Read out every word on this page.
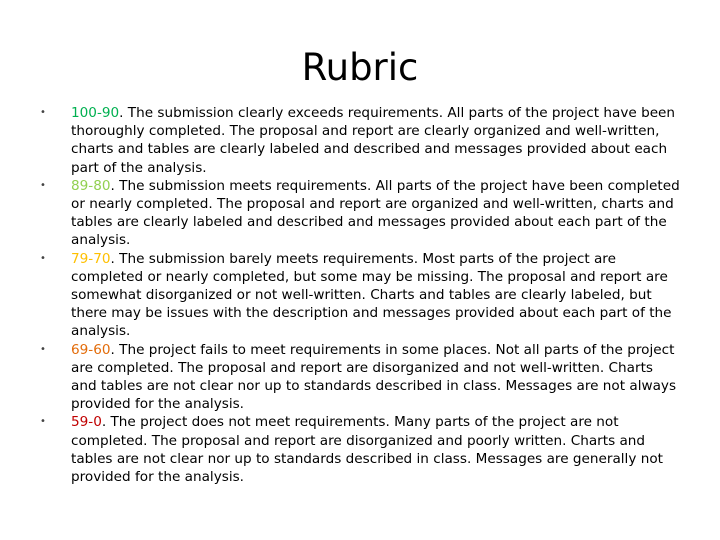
Rubric
•	100-90. The submission clearly exceeds requirements. All parts of the project have been thoroughly completed. The proposal and report are clearly organized and well-written, charts and tables are clearly labeled and described and messages provided about each part of the analysis.
•	89-80. The submission meets requirements. All parts of the project have been completed or nearly completed. The proposal and report are organized and well-written, charts and tables are clearly labeled and described and messages provided about each part of the analysis.
•	79-70. The submission barely meets requirements. Most parts of the project are completed or nearly completed, but some may be missing. The proposal and report are somewhat disorganized or not well-written. Charts and tables are clearly labeled, but there may be issues with the description and messages provided about each part of the analysis.
•	69-60. The project fails to meet requirements in some places. Not all parts of the project are completed. The proposal and report are disorganized and not well-written. Charts and tables are not clear nor up to standards described in class. Messages are not always provided for the analysis.
•	59-0. The project does not meet requirements. Many parts of the project are not completed. The proposal and report are disorganized and poorly written. Charts and tables are not clear nor up to standards described in class. Messages are generally not provided for the analysis.
